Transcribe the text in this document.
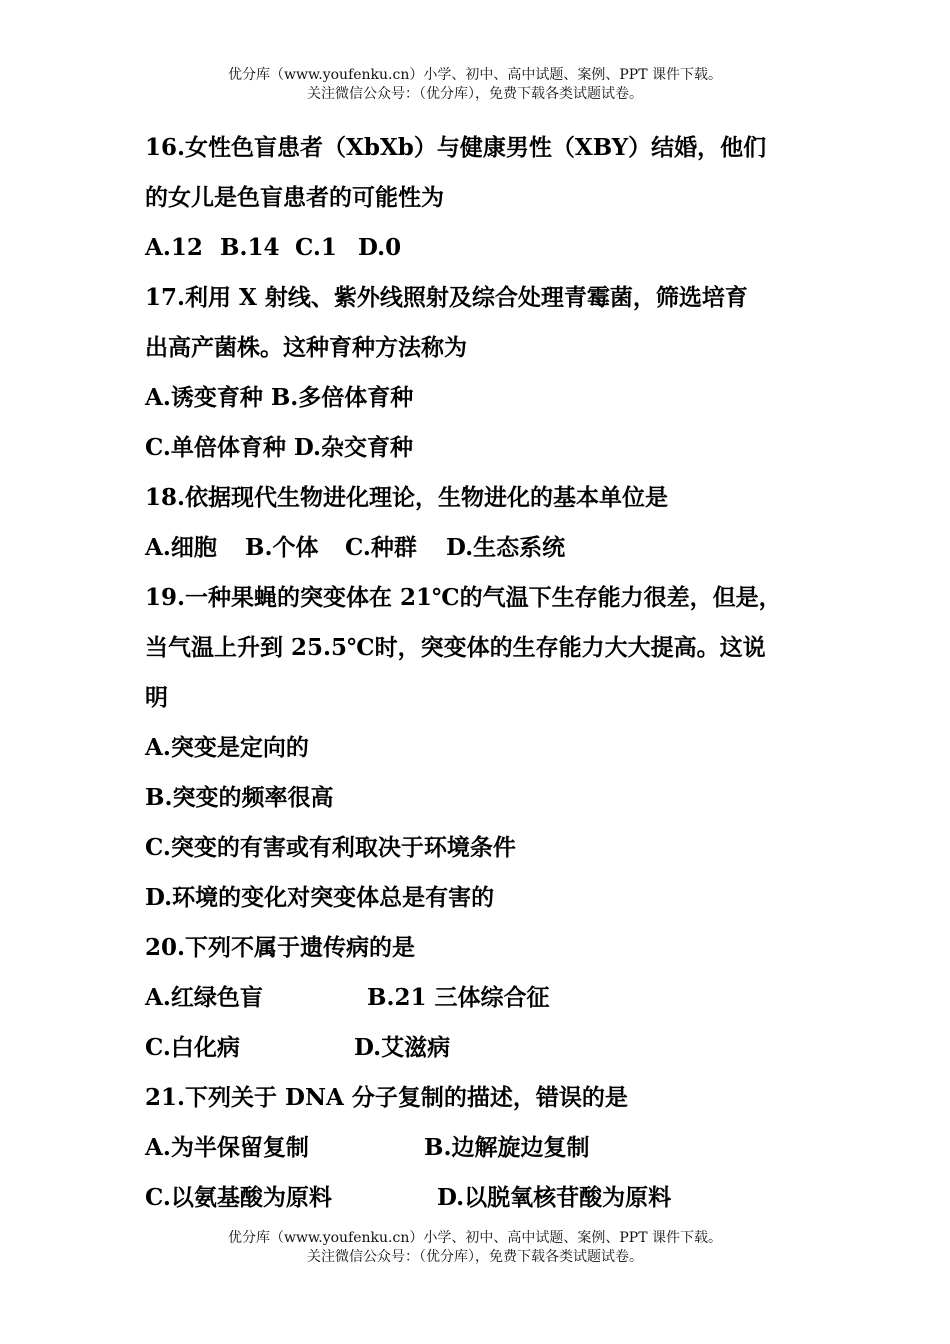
优分库（www.youfenku.cn）小学、初中、高中试题、案例、PPT 课件下载。
关注微信公众号：（优分库），免费下载各类试题试卷。
16.女性色盲患者（XbXb）与健康男性（XBY）结婚，他们
的女儿是色盲患者的可能性为
A.12 B.14 C.1 D.0
17.利用 X 射线、紫外线照射及综合处理青霉菌，筛选培育
出高产菌株。这种育种方法称为
A.诱变育种 B.多倍体育种
C.单倍体育种 D.杂交育种
18.依据现代生物进化理论，生物进化的基本单位是
A.细胞 B.个体 C.种群 D.生态系统
19.一种果蝇的突变体在 21℃的气温下生存能力很差，但是，
当气温上升到 25.5℃时，突变体的生存能力大大提高。这说
明
A.突变是定向的
B.突变的频率很高
C.突变的有害或有利取决于环境条件
D.环境的变化对突变体总是有害的
20.下列不属于遗传病的是
A.红绿色盲	B.21 三体综合征
C.白化病	D.艾滋病
21.下列关于 DNA 分子复制的描述，错误的是
A.为半保留复制	B.边解旋边复制
C.以氨基酸为原料	D.以脱氧核苷酸为原料
优分库（www.youfenku.cn）小学、初中、高中试题、案例、PPT 课件下载。
关注微信公众号：（优分库），免费下载各类试题试卷。
